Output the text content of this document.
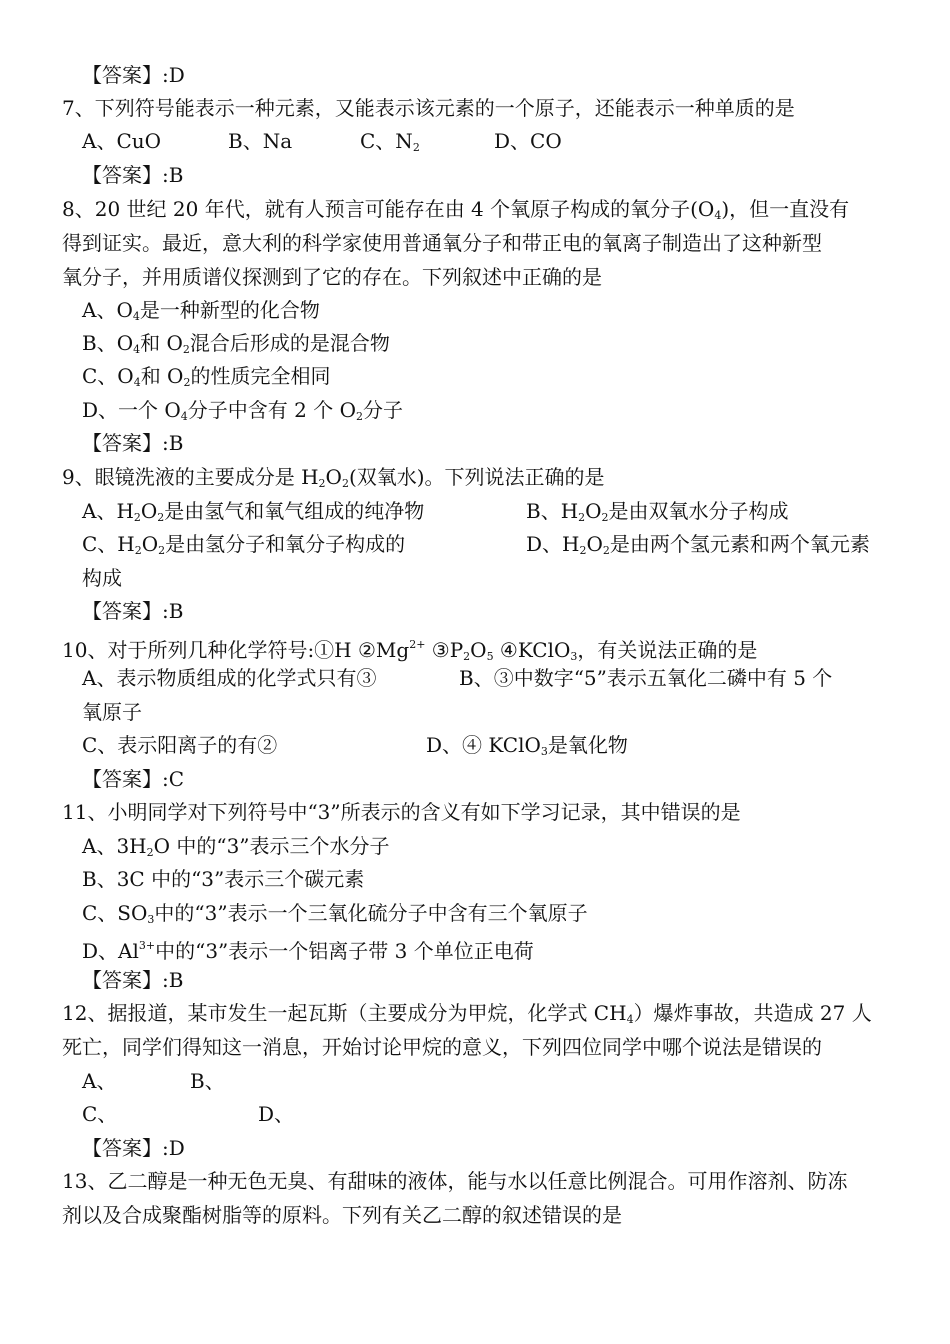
【答案】:D
7、下列符号能表示一种元素，又能表示该元素的一个原子，还能表示一种单质的是
A、CuO	B、Na	C、$N_2$	D、CO
【答案】:B
8、20 世纪 20 年代，就有人预言可能存在由 4 个氧原子构成的氧分子$(O_4)$，但一直没有
得到证实。最近，意大利的科学家使用普通氧分子和带正电的氧离子制造出了这种新型
氧分子，并用质谱仪探测到了它的存在。下列叙述中正确的是
A、$O_4$是一种新型的化合物
B、$O_4$和 $O_2$混合后形成的是混合物
C、$O_4$和 $O_2$的性质完全相同
D、一个 $O_4$分子中含有 2 个 $O_2$分子
【答案】:B
9、眼镜洗液的主要成分是 $H_2O_2$(双氧水)。下列说法正确的是
A、$H_2O_2$是由氢气和氧气组成的纯净物	B、$H_2O_2$是由双氧水分子构成
C、$H_2O_2$是由氢分子和氧分子构成的	D、$H_2O_2$是由两个氢元素和两个氧元素
构成
【答案】:B
10、对于所列几种化学符号:①H $②Mg^{2+}$ $③P_2O_5$ ④KClO$_3$，有关说法正确的是
A、表示物质组成的化学式只有③	B、③中数字“5”表示五氧化二磷中有 5 个
氧原子
C、表示阳离子的有②	D、④ KClO$_3$是氧化物
【答案】:C
11、小明同学对下列符号中“3”所表示的含义有如下学习记录，其中错误的是
A、$3H_2O$ 中的“3”表示三个水分子
B、3C 中的“3”表示三个碳元素
C、$SO_3$中的“3”表示一个三氧化硫分子中含有三个氧原子
D、$Al^{3+}$中的“3”表示一个铝离子带 3 个单位正电荷
【答案】:B
12、据报道，某市发生一起瓦斯（主要成分为甲烷，化学式 $CH_4$）爆炸事故，共造成 27 人
死亡，同学们得知这一消息，开始讨论甲烷的意义，下列四位同学中哪个说法是错误的
A、	B、
C、	D、
【答案】:D
13、乙二醇是一种无色无臭、有甜味的液体，能与水以任意比例混合。可用作溶剂、防冻
剂以及合成聚酯树脂等的原料。下列有关乙二醇的叙述错误的是
